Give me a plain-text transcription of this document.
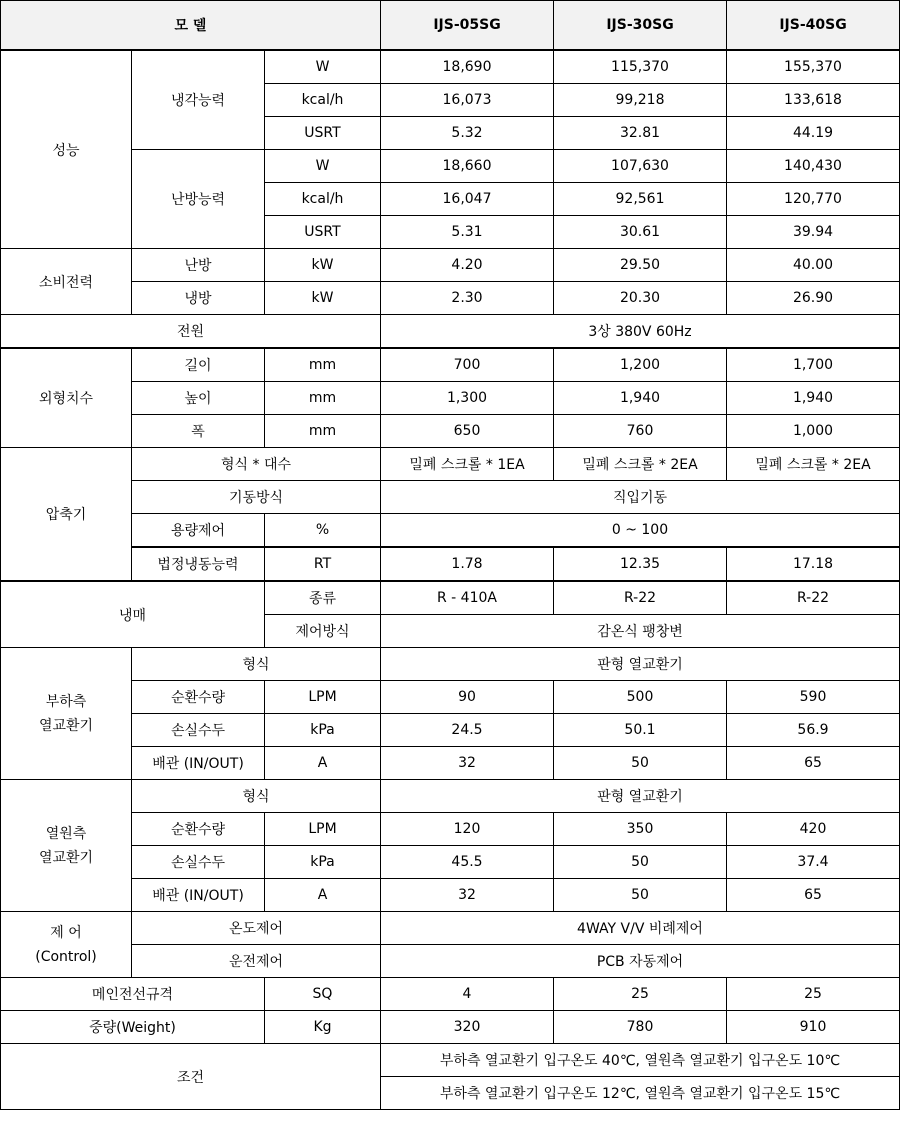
모 델			IJS-05SG	IJS-30SG	IJS-40SG
성능	냉각능력	W	18,690	115,370	155,370
		kcal/h	16,073	99,218	133,618
		USRT	5.32	32.81	44.19
	난방능력	W	18,660	107,630	140,430
		kcal/h	16,047	92,561	120,770
		USRT	5.31	30.61	39.94
소비전력	난방	kW	4.20	29.50	40.00
	냉방	kW	2.30	20.30	26.90
전원			3상 380V 60Hz		
외형치수	길이	mm	700	1,200	1,700
	높이	mm	1,300	1,940	1,940
	폭	mm	650	760	1,000
압축기	형식 * 대수		밀폐 스크롤 * 1EA	밀폐 스크롤 * 2EA	밀폐 스크롤 * 2EA
	기동방식		직입기동		
	용량제어	%	0 ~ 100		
	법정냉동능력	RT	1.78	12.35	17.18
냉매		종류	R - 410A	R-22	R-22
		제어방식	감온식 팽창변		

부하측
열교환기	형식		판형 열교환기		
	순환수량	LPM	90	500	590
	손실수두	kPa	24.5	50.1	56.9
	배관 (IN/OUT)	A	32	50	65

열원측
열교환기	형식		판형 열교환기		
	순환수량	LPM	120	350	420
	손실수두	kPa	45.5	50	37.4
	배관 (IN/OUT)	A	32	50	65

제 어
(Control)	온도제어		4WAY V/V 비례제어		
	운전제어		PCB 자동제어		
메인전선규격		SQ	4	25	25
중량(Weight)		Kg	320	780	910
조건			부하측 열교환기 입구온도 40℃, 열원측 열교환기 입구온도 10℃		
			부하측 열교환기 입구온도 12℃, 열원측 열교환기 입구온도 15℃		
